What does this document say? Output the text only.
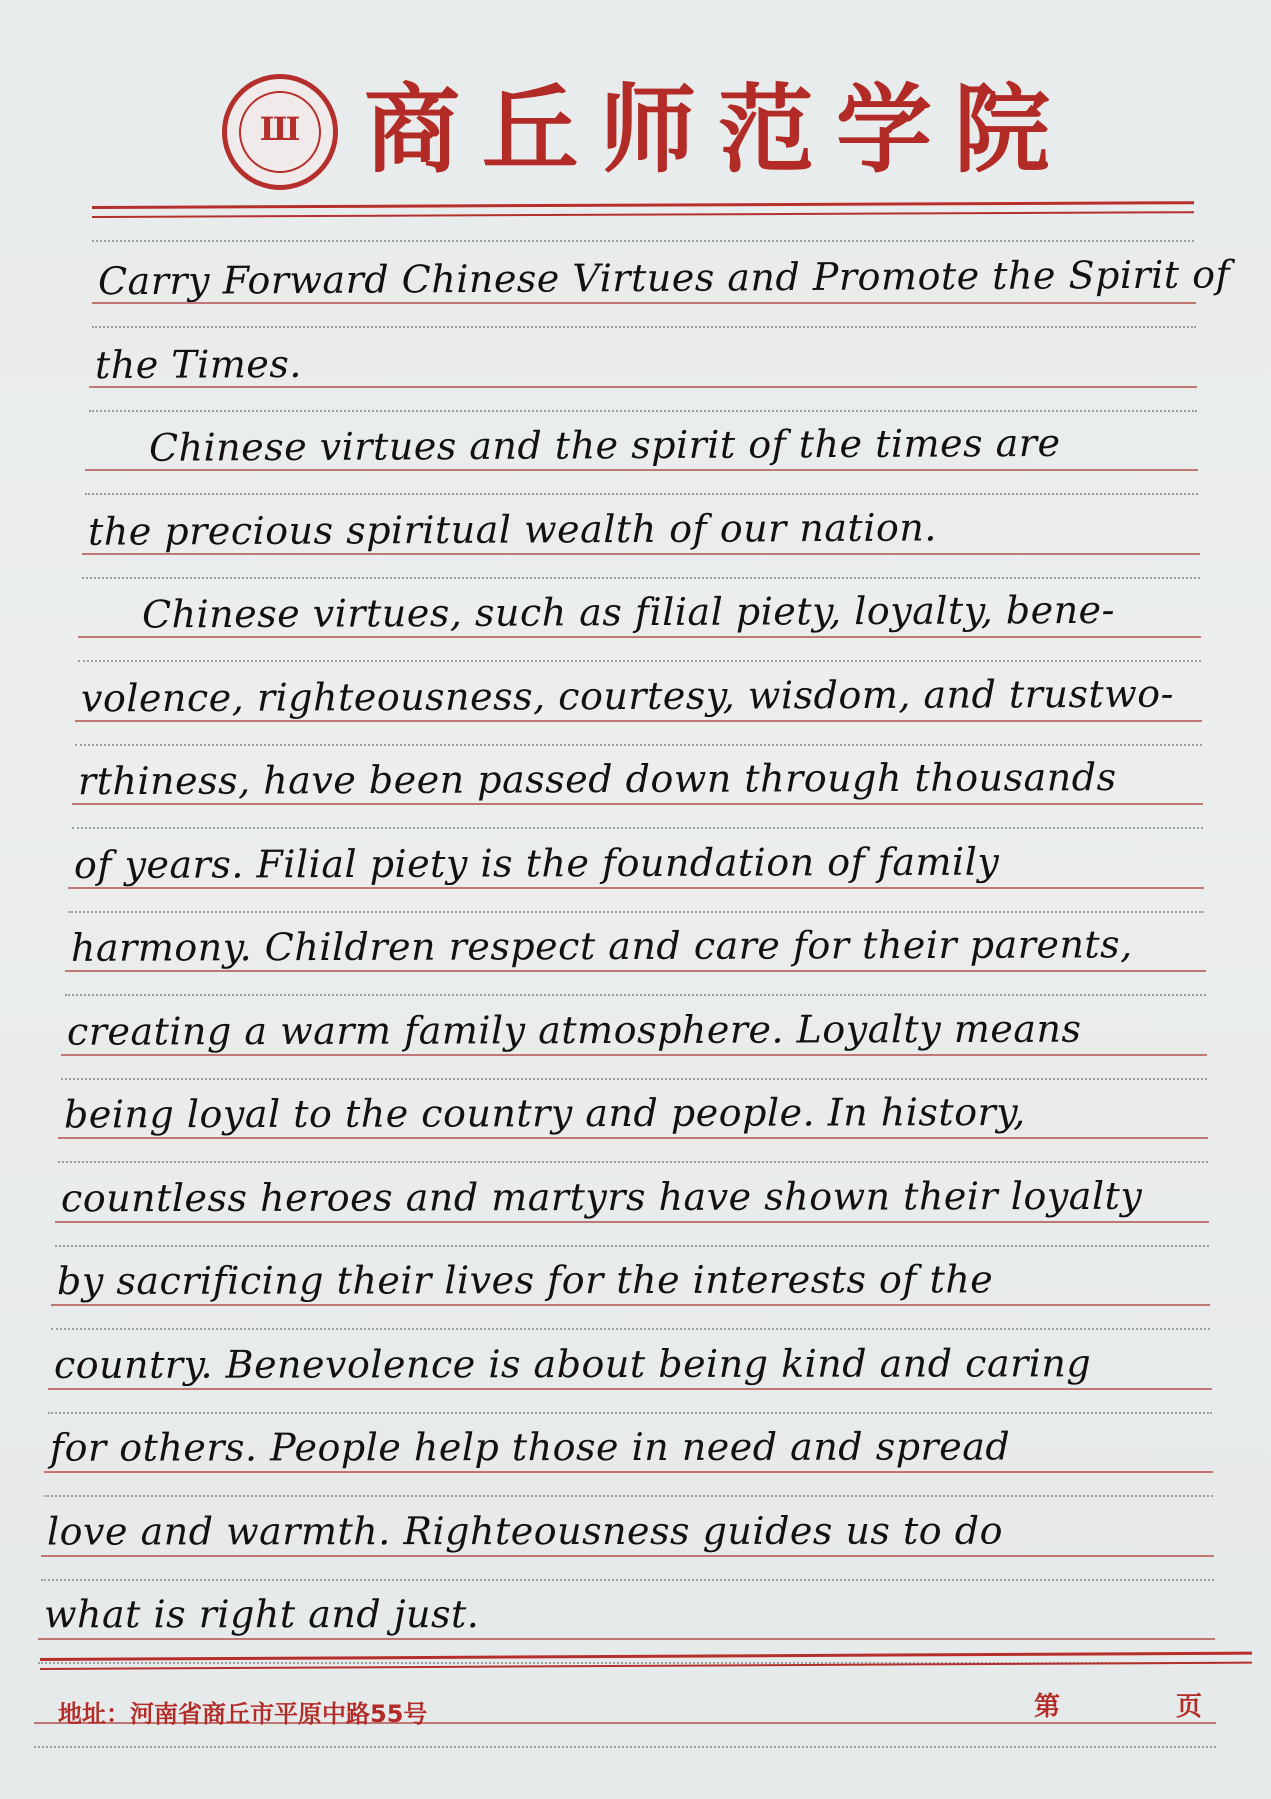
Ш 商丘师范学院
Carry Forward Chinese Virtues and Promote the Spirit of
the Times.
Chinese virtues and the spirit of the times are
the precious spiritual wealth of our nation.
Chinese virtues, such as filial piety, loyalty, bene-
volence, righteousness, courtesy, wisdom, and trustwo-
rthiness, have been passed down through thousands
of years. Filial piety is the foundation of family
harmony. Children respect and care for their parents,
creating a warm family atmosphere. Loyalty means
being loyal to the country and people. In history,
countless heroes and martyrs have shown their loyalty
by sacrificing their lives for the interests of the
country. Benevolence is about being kind and caring
for others. People help those in need and spread
love and warmth. Righteousness guides us to do
what is right and just.
地址：河南省商丘市平原中路55号	第	页
